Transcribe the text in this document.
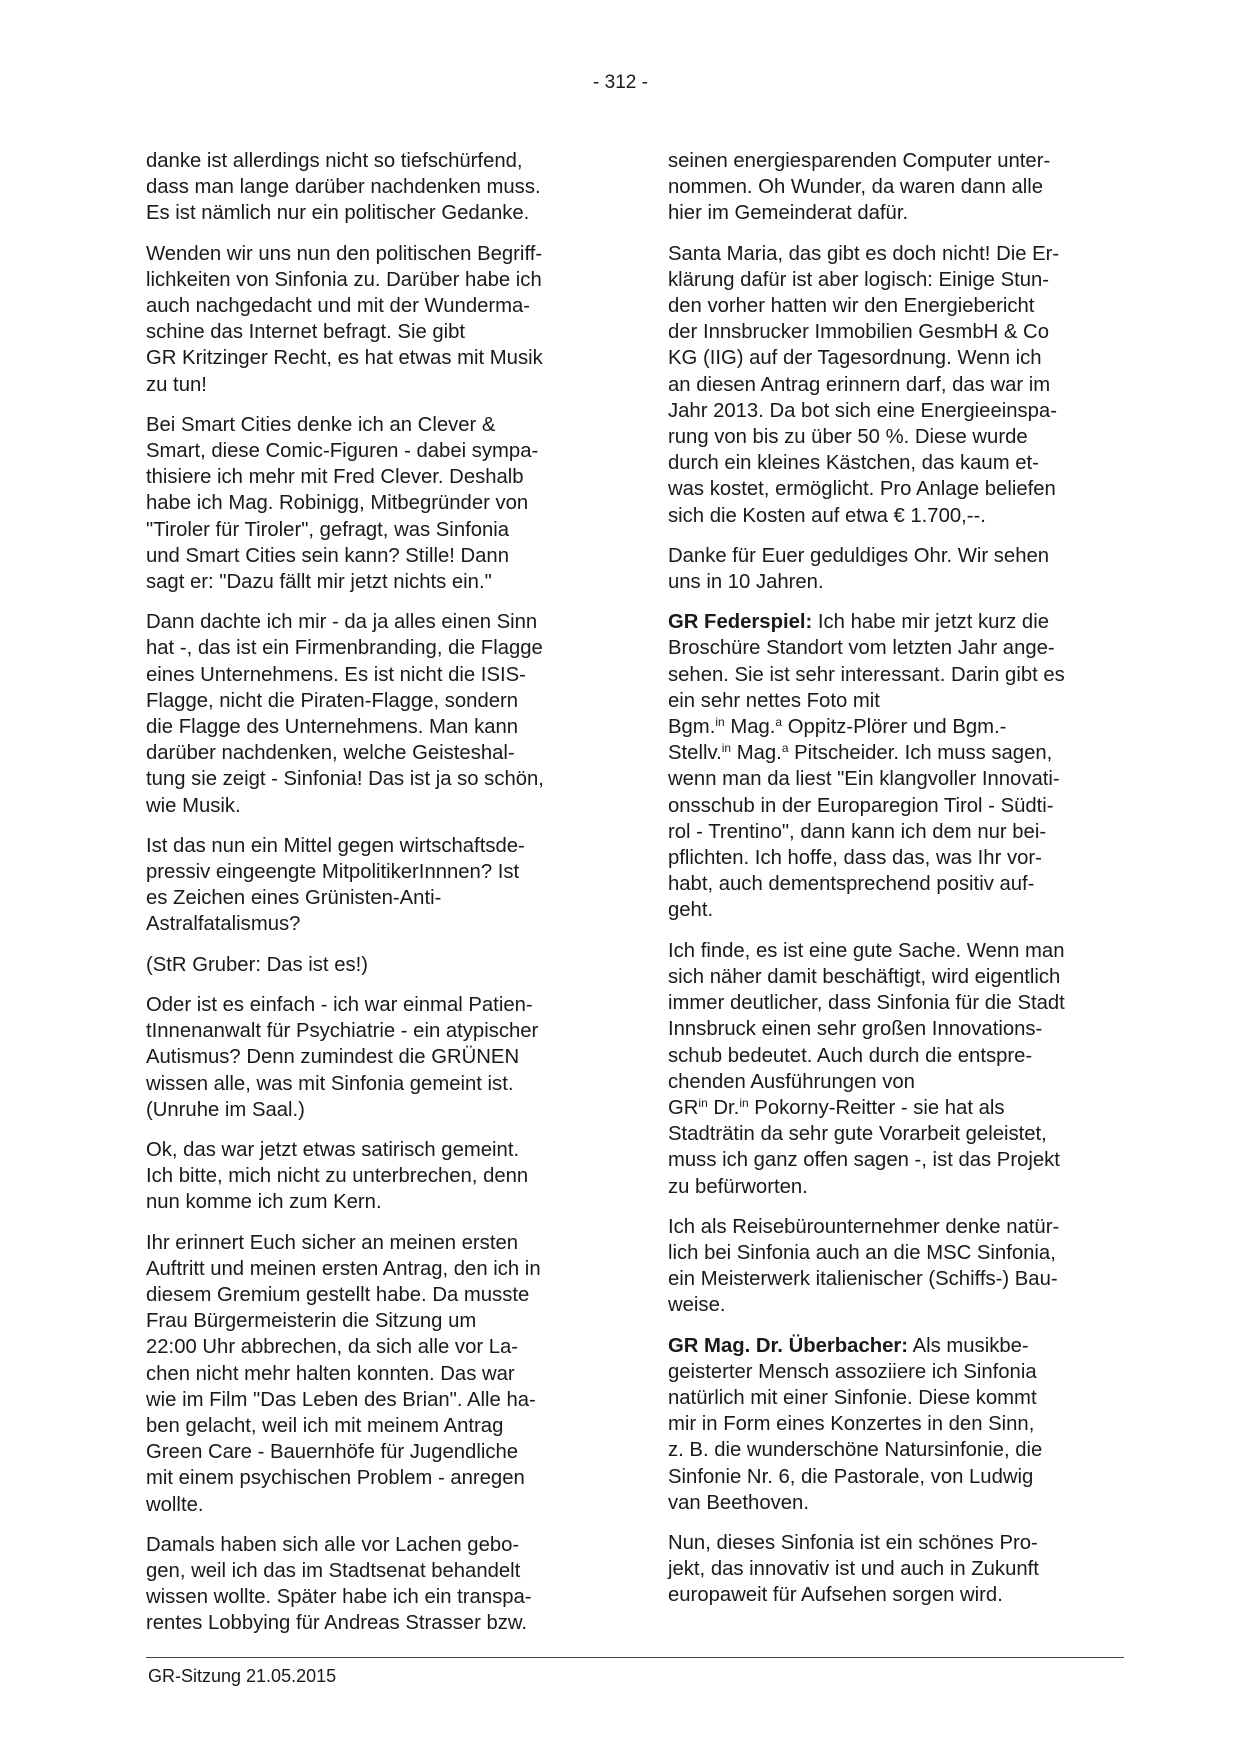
- 312 -

danke ist allerdings nicht so tiefschürfend,
dass man lange darüber nachdenken muss.
Es ist nämlich nur ein politischer Gedanke.

Wenden wir uns nun den politischen Begriff-
lichkeiten von Sinfonia zu. Darüber habe ich
auch nachgedacht und mit der Wunderma-
schine das Internet befragt. Sie gibt
GR Kritzinger Recht, es hat etwas mit Musik
zu tun!

Bei Smart Cities denke ich an Clever &
Smart, diese Comic-Figuren - dabei sympa-
thisiere ich mehr mit Fred Clever. Deshalb
habe ich Mag. Robinigg, Mitbegründer von
"Tiroler für Tiroler", gefragt, was Sinfonia
und Smart Cities sein kann? Stille! Dann
sagt er: "Dazu fällt mir jetzt nichts ein."

Dann dachte ich mir - da ja alles einen Sinn
hat -, das ist ein Firmenbranding, die Flagge
eines Unternehmens. Es ist nicht die ISIS-
Flagge, nicht die Piraten-Flagge, sondern
die Flagge des Unternehmens. Man kann
darüber nachdenken, welche Geisteshal-
tung sie zeigt - Sinfonia! Das ist ja so schön,
wie Musik.

Ist das nun ein Mittel gegen wirtschaftsde-
pressiv eingeengte MitpolitikerInnnen? Ist
es Zeichen eines Grünisten-Anti-
Astralfatalismus?

(StR Gruber: Das ist es!)

Oder ist es einfach - ich war einmal Patien-
tInnenanwalt für Psychiatrie - ein atypischer
Autismus? Denn zumindest die GRÜNEN
wissen alle, was mit Sinfonia gemeint ist.
(Unruhe im Saal.)

Ok, das war jetzt etwas satirisch gemeint.
Ich bitte, mich nicht zu unterbrechen, denn
nun komme ich zum Kern.

Ihr erinnert Euch sicher an meinen ersten
Auftritt und meinen ersten Antrag, den ich in
diesem Gremium gestellt habe. Da musste
Frau Bürgermeisterin die Sitzung um
22:00 Uhr abbrechen, da sich alle vor La-
chen nicht mehr halten konnten. Das war
wie im Film "Das Leben des Brian". Alle ha-
ben gelacht, weil ich mit meinem Antrag
Green Care - Bauernhöfe für Jugendliche
mit einem psychischen Problem - anregen
wollte.

Damals haben sich alle vor Lachen gebo-
gen, weil ich das im Stadtsenat behandelt
wissen wollte. Später habe ich ein transpa-
rentes Lobbying für Andreas Strasser bzw.

seinen energiesparenden Computer unter-
nommen. Oh Wunder, da waren dann alle
hier im Gemeinderat dafür.

Santa Maria, das gibt es doch nicht! Die Er-
klärung dafür ist aber logisch: Einige Stun-
den vorher hatten wir den Energiebericht
der Innsbrucker Immobilien GesmbH & Co
KG (IIG) auf der Tagesordnung. Wenn ich
an diesen Antrag erinnern darf, das war im
Jahr 2013. Da bot sich eine Energieeinspa-
rung von bis zu über 50 %. Diese wurde
durch ein kleines Kästchen, das kaum et-
was kostet, ermöglicht. Pro Anlage beliefen
sich die Kosten auf etwa € 1.700,--.

Danke für Euer geduldiges Ohr. Wir sehen
uns in 10 Jahren.

GR Federspiel: Ich habe mir jetzt kurz die
Broschüre Standort vom letzten Jahr ange-
sehen. Sie ist sehr interessant. Darin gibt es
ein sehr nettes Foto mit
Bgm.$^{in}$ Mag.$^a$ Oppitz-Plörer und Bgm.-
Stellv.$^{in}$ Mag.$^a$ Pitscheider. Ich muss sagen,
wenn man da liest "Ein klangvoller Innovati-
onsschub in der Europaregion Tirol - Südti-
rol - Trentino", dann kann ich dem nur bei-
pflichten. Ich hoffe, dass das, was Ihr vor-
habt, auch dementsprechend positiv auf-
geht.

Ich finde, es ist eine gute Sache. Wenn man
sich näher damit beschäftigt, wird eigentlich
immer deutlicher, dass Sinfonia für die Stadt
Innsbruck einen sehr großen Innovations-
schub bedeutet. Auch durch die entspre-
chenden Ausführungen von
$GR^{in}$ Dr.$^{in}$ Pokorny-Reitter - sie hat als
Stadträtin da sehr gute Vorarbeit geleistet,
muss ich ganz offen sagen -, ist das Projekt
zu befürworten.

Ich als Reisebürounternehmer denke natür-
lich bei Sinfonia auch an die MSC Sinfonia,
ein Meisterwerk italienischer (Schiffs-) Bau-
weise.

GR Mag. Dr. Überbacher: Als musikbe-
geisterter Mensch assoziiere ich Sinfonia
natürlich mit einer Sinfonie. Diese kommt
mir in Form eines Konzertes in den Sinn,
z. B. die wunderschöne Natursinfonie, die
Sinfonie Nr. 6, die Pastorale, von Ludwig
van Beethoven.

Nun, dieses Sinfonia ist ein schönes Pro-
jekt, das innovativ ist und auch in Zukunft
europaweit für Aufsehen sorgen wird.

GR-Sitzung 21.05.2015
